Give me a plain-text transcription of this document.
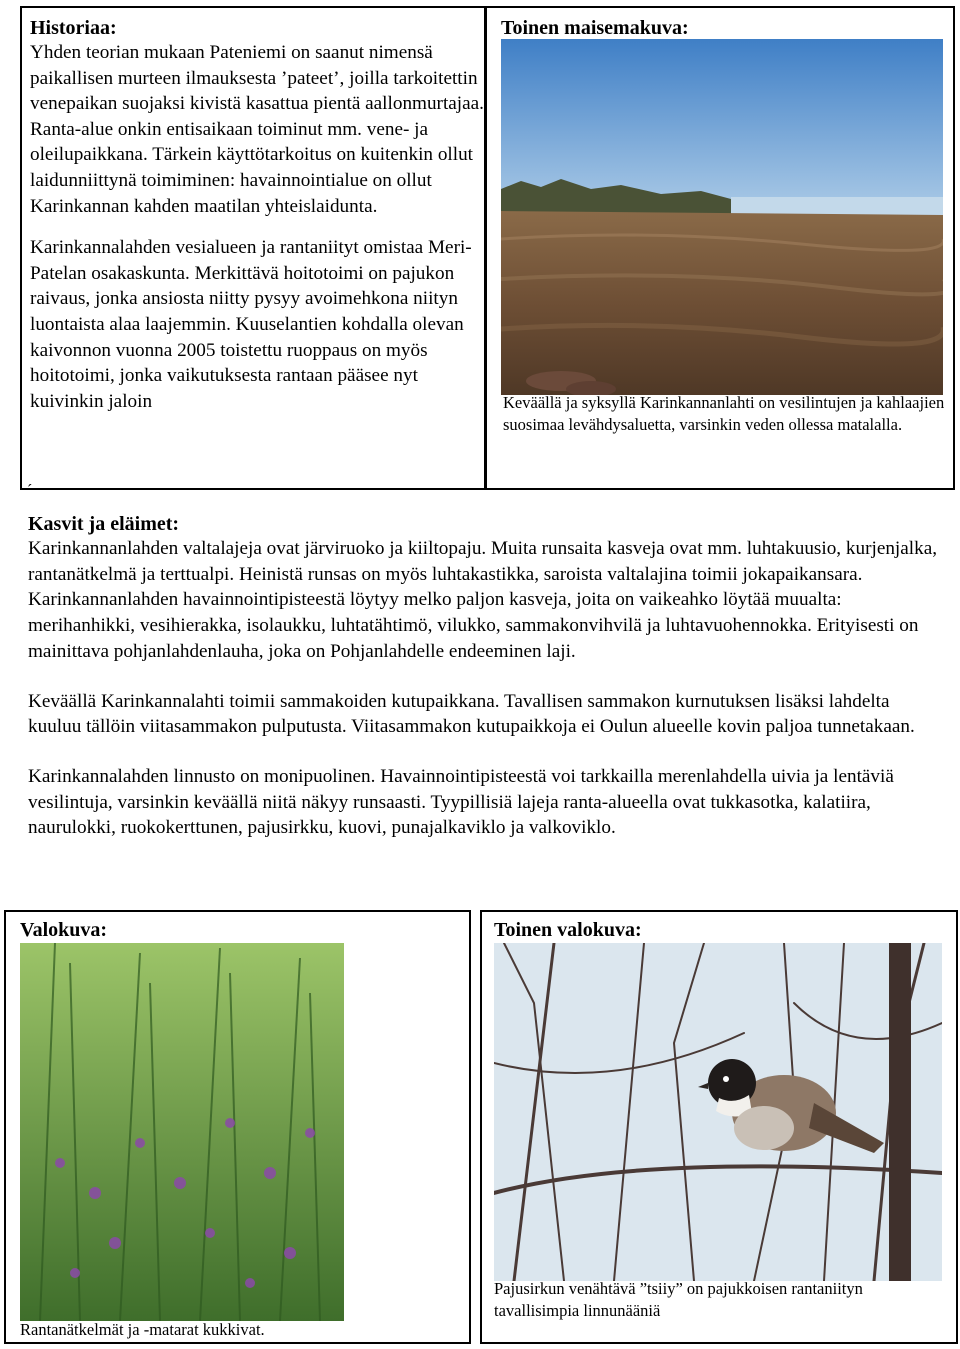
Historiaa:

Yhden teorian mukaan Pateniemi on saanut nimensä paikallisen murteen ilmauksesta ’pateet’, joilla tarkoitettin venepaikan suojaksi kivistä kasattua pientä aallonmurtajaa. Ranta-alue onkin entisaikaan toiminut mm. vene- ja oleilupaikkana. Tärkein käyttötarkoitus on kuitenkin ollut laidunniittynä toimiminen: havainnointialue on ollut Karinkannan kahden maatilan yhteislaidunta.

Karinkannalahden vesialueen ja rantaniityt omistaa Meri-Patelan osakaskunta. Merkittävä hoitotoimi on pajukon raivaus, jonka ansiosta niitty pysyy avoimehkona niityn luontaista alaa laajemmin. Kuuselantien kohdalla olevan kaivonnon vuonna 2005 toistettu ruoppaus on myös hoitotoimi, jonka vaikutuksesta rantaan pääsee nyt kuivinkin jaloin

Toinen maisemakuva:

Keväällä ja syksyllä Karinkannanlahti on vesilintujen ja kahlaajien suosimaa levähdysaluetta, varsinkin veden ollessa matalalla.

´
Kasvit ja eläimet:

Karinkannanlahden valtalajeja ovat järviruoko ja kiiltopaju. Muita runsaita kasveja ovat mm. luhtakuusio, kurjenjalka, rantanätkelmä ja terttualpi. Heinistä runsas on myös luhtakastikka, saroista valtalajina toimii jokapaikansara. Karinkannanlahden havainnointipisteestä löytyy melko paljon kasveja, joita on vaikeahko löytää muualta: merihanhikki, vesihierakka, isolaukku, luhtatähtimö, vilukko, sammakonvihvilä ja luhtavuohennokka. Erityisesti on mainittava pohjanlahdenlauha, joka on Pohjanlahdelle endeeminen laji.

Keväällä Karinkannalahti toimii sammakoiden kutupaikkana. Tavallisen sammakon kurnutuksen lisäksi lahdelta kuuluu tällöin viitasammakon pulputusta. Viitasammakon kutupaikkoja ei Oulun alueelle kovin paljoa tunnetakaan.

Karinkannalahden linnusto on monipuolinen. Havainnointipisteestä voi tarkkailla merenlahdella uivia ja lentäviä vesilintuja, varsinkin keväällä niitä näkyy runsaasti. Tyypillisiä lajeja ranta-alueella ovat tukkasotka, kalatiira, naurulokki, ruokokerttunen, pajusirkku, kuovi, punajalkaviklo ja valkoviklo.

Valokuva:

Rantanätkelmät ja -matarat kukkivat.

Toinen valokuva:

Pajusirkun venähtävä ”tsiiy” on pajukkoisen rantaniityn tavallisimpia linnunääniä
